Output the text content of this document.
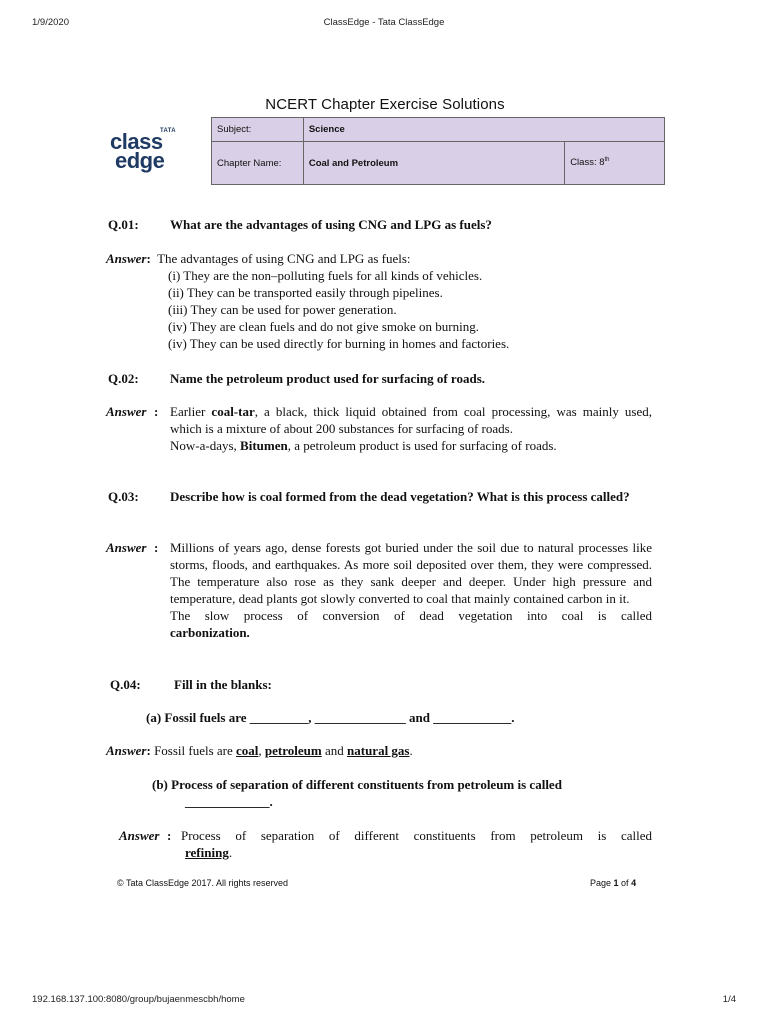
1/9/2020	ClassEdge - Tata ClassEdge
NCERT Chapter Exercise Solutions
TATA
class
edge
Subject:	Science	
Chapter Name:	Coal and Petroleum	Class: 8th
Q.01: What are the advantages of using CNG and LPG as fuels?
Answer: The advantages of using CNG and LPG as fuels:
(i) They are the non–polluting fuels for all kinds of vehicles.
(ii) They can be transported easily through pipelines.
(iii) They can be used for power generation.
(iv) They are clean fuels and do not give smoke on burning.
(iv) They can be used directly for burning in homes and factories.
Q.02: Name the petroleum product used for surfacing of roads.
Answer : Earlier coal-tar, a black, thick liquid obtained from coal processing, was mainly used, which is a mixture of about 200 substances for surfacing of roads.
Now-a-days, Bitumen, a petroleum product is used for surfacing of roads.
Q.03: Describe how is coal formed from the dead vegetation? What is this process called?
Answer : Millions of years ago, dense forests got buried under the soil due to natural processes like storms, floods, and earthquakes. As more soil deposited over them, they were compressed. The temperature also rose as they sank deeper and deeper. Under high pressure and temperature, dead plants got slowly converted to coal that mainly contained carbon in it.
The slow process of conversion of dead vegetation into coal is called
carbonization.
Q.04:	Fill in the blanks:
(a) Fossil fuels are _________, ______________ and ____________.
Answer: Fossil fuels are coal, petroleum and natural gas.
(b) Process of separation of different constituents from petroleum is called _____________.
Answer : Process of separation of different constituents from petroleum is called
refining.
© Tata ClassEdge 2017. All rights reserved	Page 1 of 4
192.168.137.100:8080/group/bujaenmescbh/home	1/4
